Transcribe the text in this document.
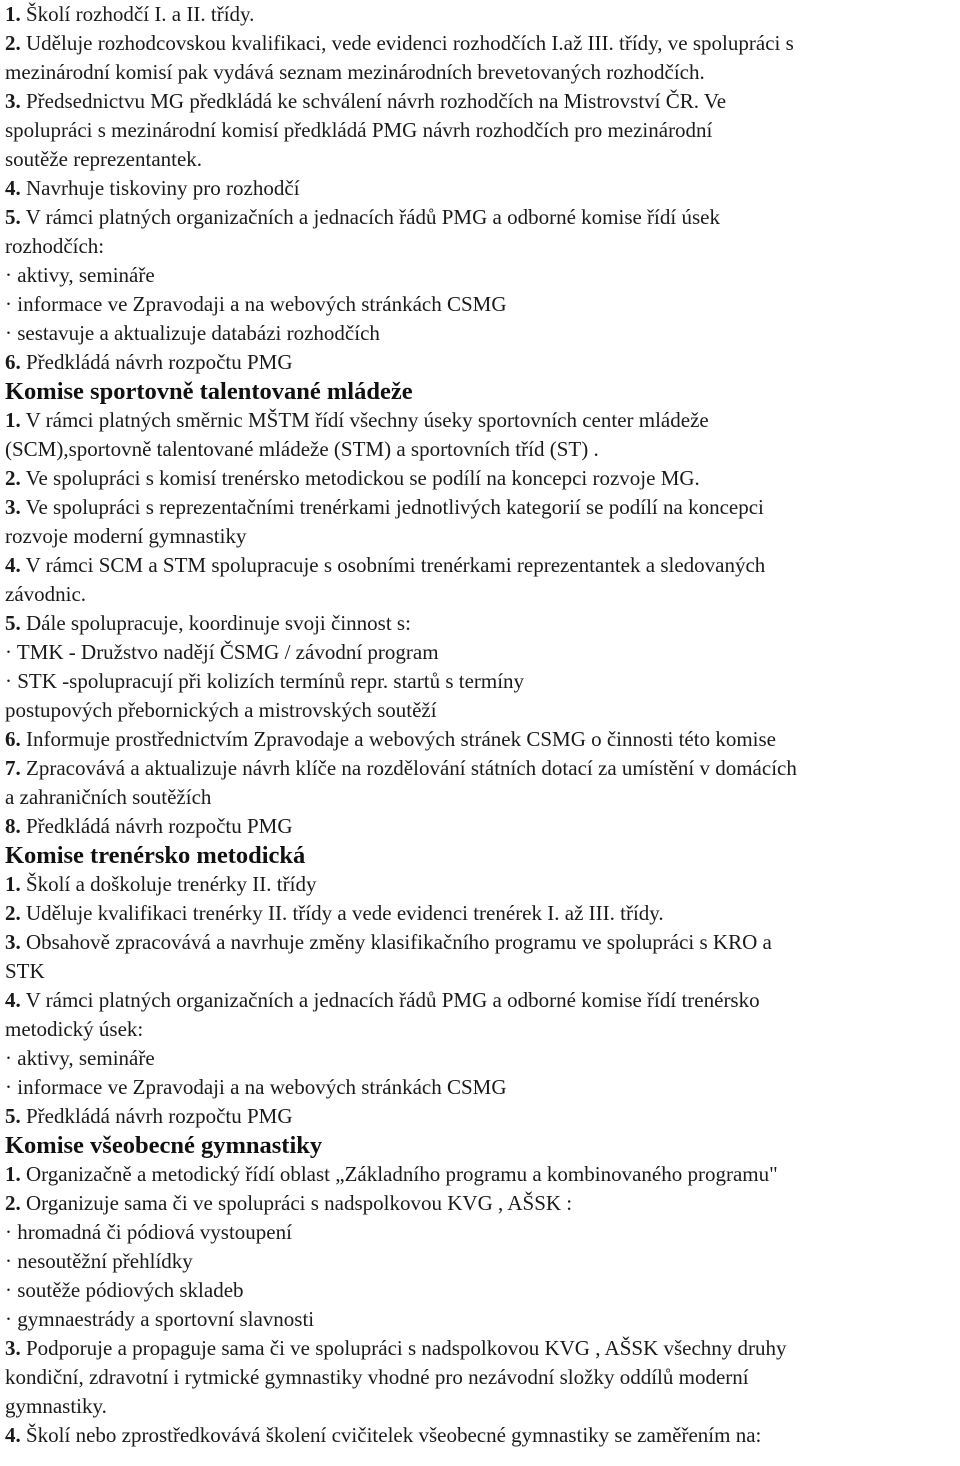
1. Školí rozhodčí I. a II. třídy.
2. Uděluje rozhodcovskou kvalifikaci, vede evidenci rozhodčích I.až III. třídy, ve spolupráci s
mezinárodní komisí pak vydává seznam mezinárodních brevetovaných rozhodčích.
3. Předsednictvu MG předkládá ke schválení návrh rozhodčích na Mistrovství ČR. Ve
spolupráci s mezinárodní komisí předkládá PMG návrh rozhodčích pro mezinárodní
soutěže reprezentantek.
4. Navrhuje tiskoviny pro rozhodčí
5. V rámci platných organizačních a jednacích řádů PMG a odborné komise řídí úsek
rozhodčích:
· aktivy, semináře
· informace ve Zpravodaji a na webových stránkách CSMG
· sestavuje a aktualizuje databázi rozhodčích
6. Předkládá návrh rozpočtu PMG
Komise sportovně talentované mládeže
1. V rámci platných směrnic MŠTM řídí všechny úseky sportovních center mládeže
(SCM),sportovně talentované mládeže (STM) a sportovních tříd (ST) .
2. Ve spolupráci s komisí trenérsko metodickou se podílí na koncepci rozvoje MG.
3. Ve spolupráci s reprezentačními trenérkami jednotlivých kategorií se podílí na koncepci
rozvoje moderní gymnastiky
4. V rámci SCM a STM spolupracuje s osobními trenérkami reprezentantek a sledovaných
závodnic.
5. Dále spolupracuje, koordinuje svoji činnost s:
· TMK - Družstvo nadějí ČSMG / závodní program
· STK -spolupracují při kolizích termínů repr. startů s termíny
postupových přebornických a mistrovských soutěží
6. Informuje prostřednictvím Zpravodaje a webových stránek CSMG o činnosti této komise
7. Zpracovává a aktualizuje návrh klíče na rozdělování státních dotací za umístění v domácích
a zahraničních soutěžích
8. Předkládá návrh rozpočtu PMG
Komise trenérsko metodická
1. Školí a doškoluje trenérky II. třídy
2. Uděluje kvalifikaci trenérky II. třídy a vede evidenci trenérek I. až III. třídy.
3. Obsahově zpracovává a navrhuje změny klasifikačního programu ve spolupráci s KRO a
STK
4. V rámci platných organizačních a jednacích řádů PMG a odborné komise řídí trenérsko
metodický úsek:
· aktivy, semináře
· informace ve Zpravodaji a na webových stránkách CSMG
5. Předkládá návrh rozpočtu PMG
Komise všeobecné gymnastiky
1. Organizačně a metodický řídí oblast „Základního programu a kombinovaného programu"
2. Organizuje sama či ve spolupráci s nadspolkovou KVG , AŠSK :
· hromadná či pódiová vystoupení
· nesoutěžní přehlídky
· soutěže pódiových skladeb
· gymnaestrády a sportovní slavnosti
3. Podporuje a propaguje sama či ve spolupráci s nadspolkovou KVG , AŠSK všechny druhy
kondiční, zdravotní i rytmické gymnastiky vhodné pro nezávodní složky oddílů moderní
gymnastiky.
4. Školí nebo zprostředkovává školení cvičitelek všeobecné gymnastiky se zaměřením na:
